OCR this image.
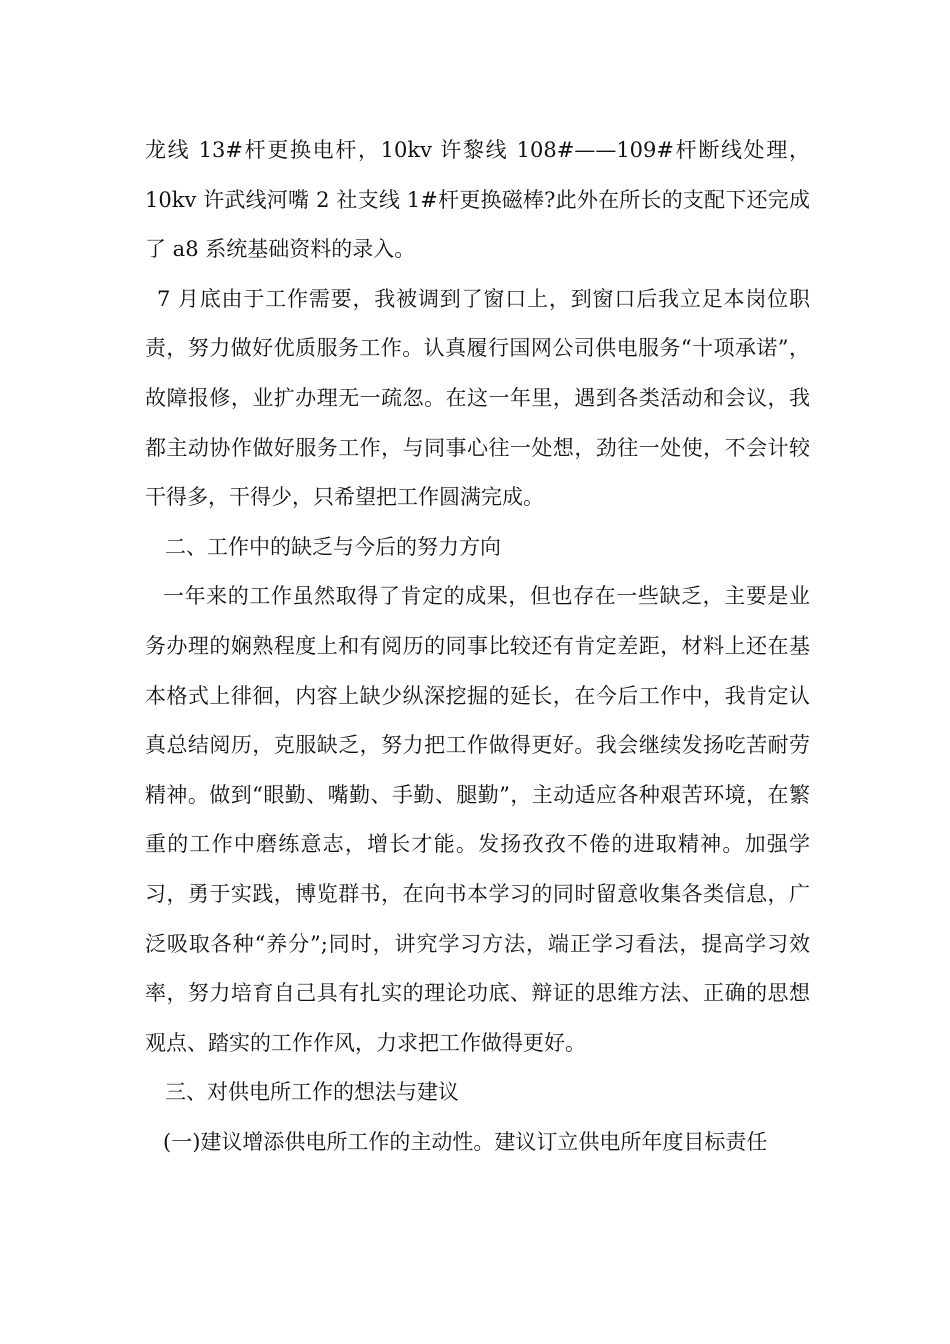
龙线 13#杆更换电杆，10kv 许黎线 108#——109#杆断线处理，10kv 许武线河嘴 2 社支线 1#杆更换磁棒?此外在所长的支配下还完成了 a8 系统基础资料的录入。

7 月底由于工作需要，我被调到了窗口上，到窗口后我立足本岗位职责，努力做好优质服务工作。认真履行国网公司供电服务“十项承诺”，故障报修，业扩办理无一疏忽。在这一年里，遇到各类活动和会议，我都主动协作做好服务工作，与同事心往一处想，劲往一处使，不会计较干得多，干得少，只希望把工作圆满完成。

二、工作中的缺乏与今后的努力方向

一年来的工作虽然取得了肯定的成果，但也存在一些缺乏，主要是业务办理的娴熟程度上和有阅历的同事比较还有肯定差距，材料上还在基本格式上徘徊，内容上缺少纵深挖掘的延长，在今后工作中，我肯定认真总结阅历，克服缺乏，努力把工作做得更好。我会继续发扬吃苦耐劳精神。做到“眼勤、嘴勤、手勤、腿勤”，主动适应各种艰苦环境，在繁重的工作中磨练意志，增长才能。发扬孜孜不倦的进取精神。加强学习，勇于实践，博览群书，在向书本学习的同时留意收集各类信息，广泛吸取各种“养分”;同时，讲究学习方法，端正学习看法，提高学习效率，努力培育自己具有扎实的理论功底、辩证的思维方法、正确的思想观点、踏实的工作作风，力求把工作做得更好。

三、对供电所工作的想法与建议

(一)建议增添供电所工作的主动性。建议订立供电所年度目标责任
